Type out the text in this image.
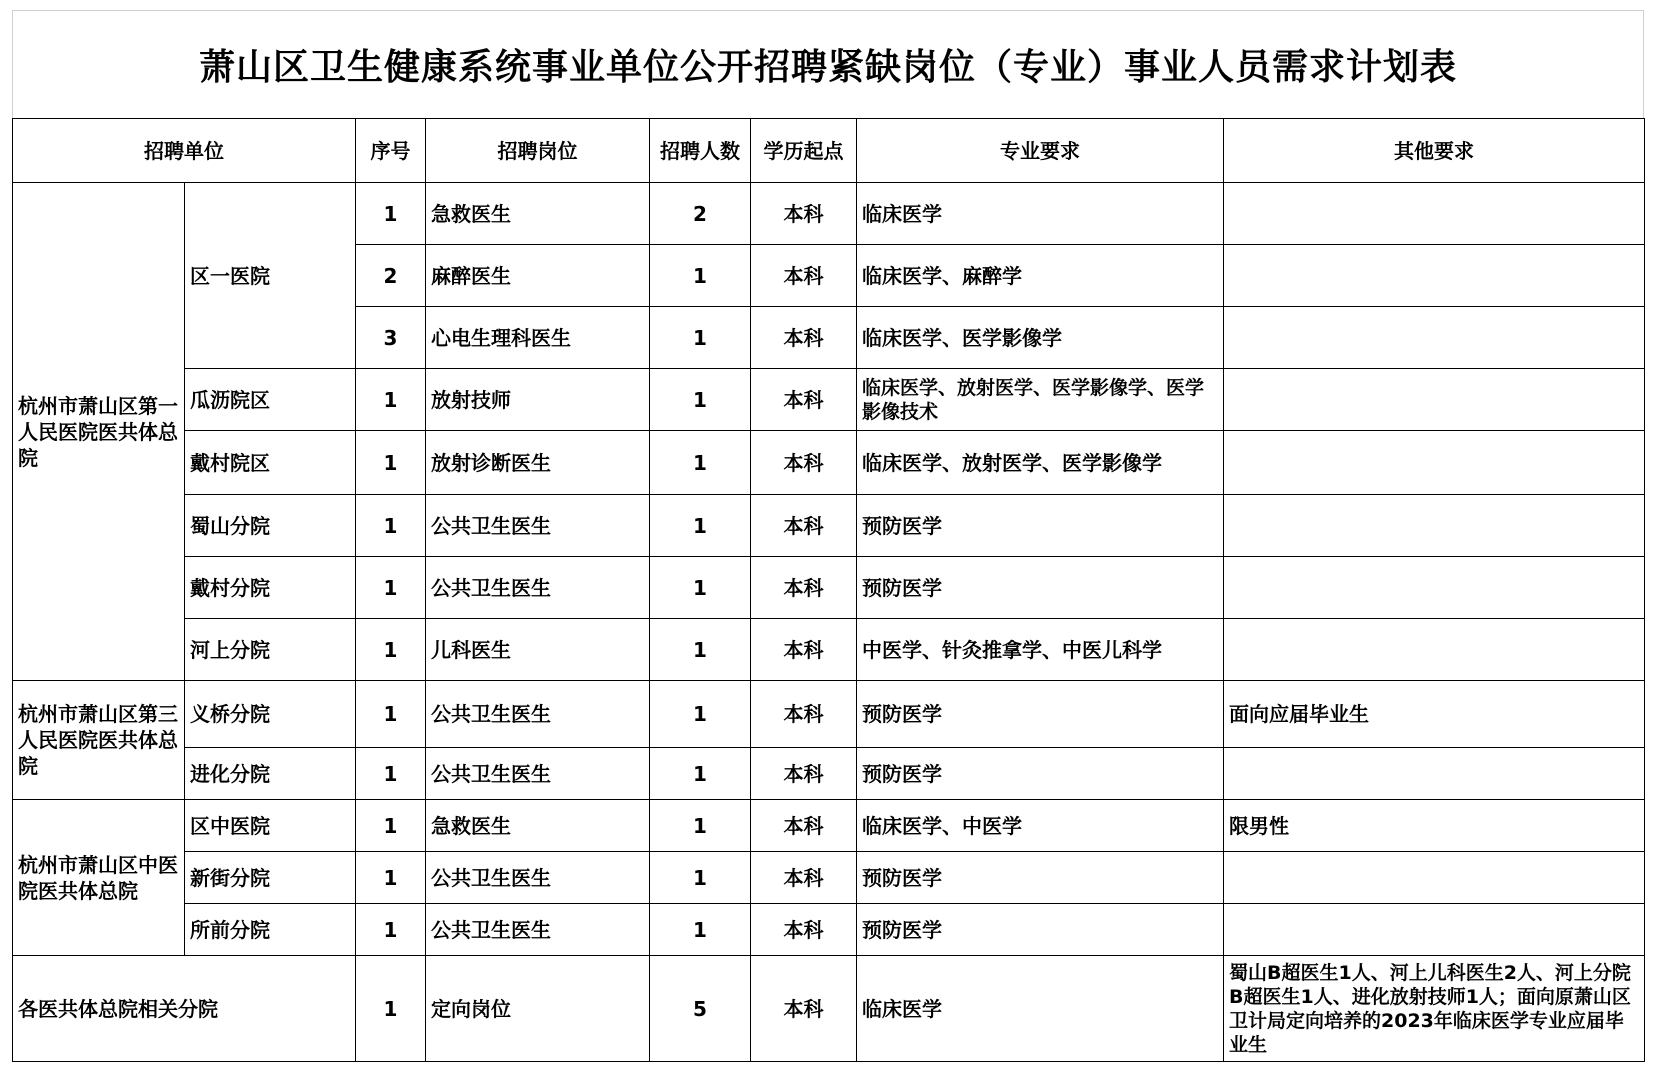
萧山区卫生健康系统事业单位公开招聘紧缺岗位（专业）事业人员需求计划表
招聘单位		序号	招聘岗位	招聘人数	学历起点	专业要求	其他要求
杭州市萧山区第一人民医院医共体总院	区一医院	1	急救医生	2	本科	临床医学	
		2	麻醉医生	1	本科	临床医学、麻醉学	
		3	心电生理科医生	1	本科	临床医学、医学影像学	
	瓜沥院区	1	放射技师	1	本科	临床医学、放射医学、医学影像学、医学影像技术	
	戴村院区	1	放射诊断医生	1	本科	临床医学、放射医学、医学影像学	
	蜀山分院	1	公共卫生医生	1	本科	预防医学	
	戴村分院	1	公共卫生医生	1	本科	预防医学	
	河上分院	1	儿科医生	1	本科	中医学、针灸推拿学、中医儿科学	
杭州市萧山区第三人民医院医共体总院	义桥分院	1	公共卫生医生	1	本科	预防医学	面向应届毕业生
	进化分院	1	公共卫生医生	1	本科	预防医学	
杭州市萧山区中医院医共体总院	区中医院	1	急救医生	1	本科	临床医学、中医学	限男性
	新街分院	1	公共卫生医生	1	本科	预防医学	
	所前分院	1	公共卫生医生	1	本科	预防医学	
各医共体总院相关分院		1	定向岗位	5	本科	临床医学	蜀山B超医生1人、河上儿科医生2人、河上分院B超医生1人、进化放射技师1人；面向原萧山区卫计局定向培养的2023年临床医学专业应届毕业生
